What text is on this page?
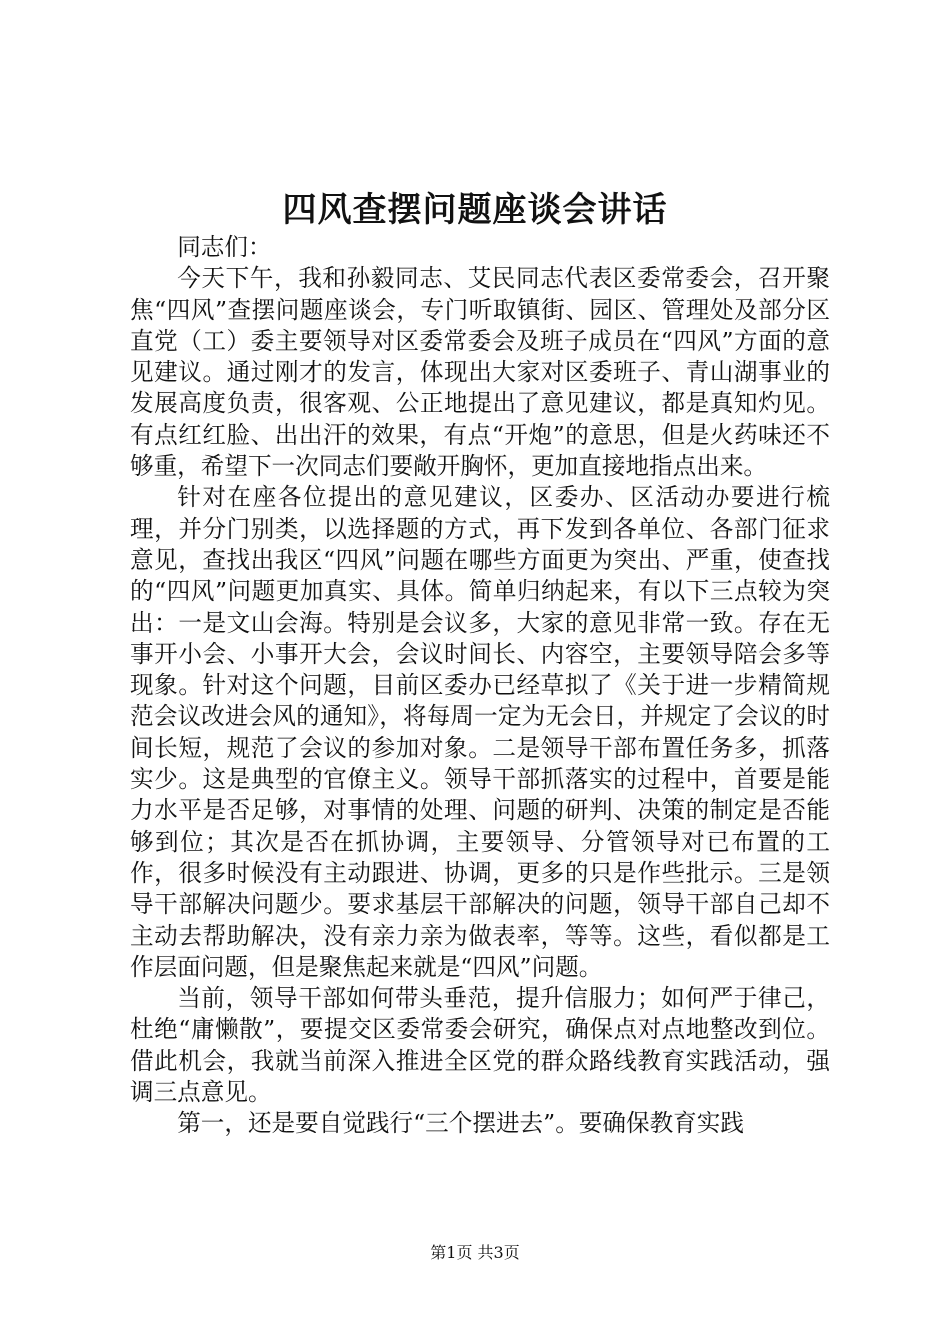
四风查摆问题座谈会讲话

同志们：

今天下午，我和孙毅同志、艾民同志代表区委常委会，召开聚焦“四风”查摆问题座谈会，专门听取镇街、园区、管理处及部分区直党（工）委主要领导对区委常委会及班子成员在“四风”方面的意见建议。通过刚才的发言，体现出大家对区委班子、青山湖事业的发展高度负责，很客观、公正地提出了意见建议，都是真知灼见。有点红红脸、出出汗的效果，有点“开炮”的意思，但是火药味还不够重，希望下一次同志们要敞开胸怀，更加直接地指点出来。

针对在座各位提出的意见建议，区委办、区活动办要进行梳理，并分门别类，以选择题的方式，再下发到各单位、各部门征求意见，查找出我区“四风”问题在哪些方面更为突出、严重，使查找的“四风”问题更加真实、具体。简单归纳起来，有以下三点较为突出：一是文山会海。特别是会议多，大家的意见非常一致。存在无事开小会、小事开大会，会议时间长、内容空，主要领导陪会多等现象。针对这个问题，目前区委办已经草拟了《关于进一步精简规范会议改进会风的通知》，将每周一定为无会日，并规定了会议的时间长短，规范了会议的参加对象。二是领导干部布置任务多，抓落实少。这是典型的官僚主义。领导干部抓落实的过程中，首要是能力水平是否足够，对事情的处理、问题的研判、决策的制定是否能够到位；其次是否在抓协调，主要领导、分管领导对已布置的工作，很多时候没有主动跟进、协调，更多的只是作些批示。三是领导干部解决问题少。要求基层干部解决的问题，领导干部自己却不主动去帮助解决，没有亲力亲为做表率，等等。这些，看似都是工作层面问题，但是聚焦起来就是“四风”问题。

当前，领导干部如何带头垂范，提升信服力；如何严于律己，杜绝“庸懒散”，要提交区委常委会研究，确保点对点地整改到位。借此机会，我就当前深入推进全区党的群众路线教育实践活动，强调三点意见。

第一，还是要自觉践行“三个摆进去”。要确保教育实践

第1页 共3页
